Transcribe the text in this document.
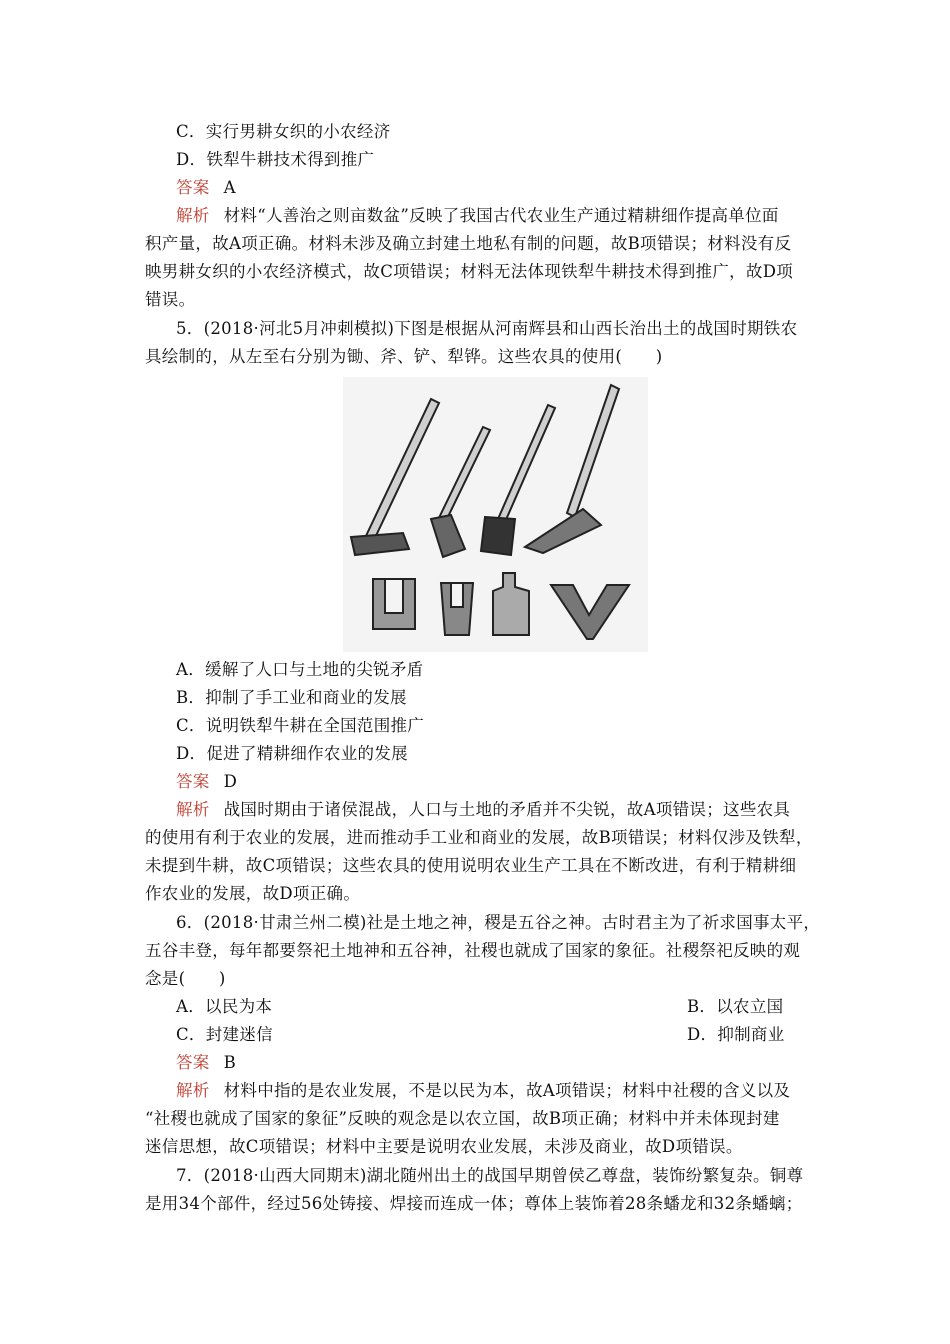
C．实行男耕女织的小农经济
D．铁犁牛耕技术得到推广
答案 A
解析 材料“人善治之则亩数盆”反映了我国古代农业生产通过精耕细作提高单位面
积产量，故A项正确。材料未涉及确立封建土地私有制的问题，故B项错误；材料没有反
映男耕女织的小农经济模式，故C项错误；材料无法体现铁犁牛耕技术得到推广，故D项
错误。
5．(2018·河北5月冲刺模拟)下图是根据从河南辉县和山西长治出土的战国时期铁农
具绘制的，从左至右分别为锄、斧、铲、犁铧。这些农具的使用(　　)
A．缓解了人口与土地的尖锐矛盾
B．抑制了手工业和商业的发展
C．说明铁犁牛耕在全国范围推广
D．促进了精耕细作农业的发展
答案 D
解析 战国时期由于诸侯混战，人口与土地的矛盾并不尖锐，故A项错误；这些农具
的使用有利于农业的发展，进而推动手工业和商业的发展，故B项错误；材料仅涉及铁犁，
未提到牛耕，故C项错误；这些农具的使用说明农业生产工具在不断改进，有利于精耕细
作农业的发展，故D项正确。
6．(2018·甘肃兰州二模)社是土地之神，稷是五谷之神。古时君主为了祈求国事太平，
五谷丰登，每年都要祭祀土地神和五谷神，社稷也就成了国家的象征。社稷祭祀反映的观
念是(　　)
A．以民为本	B．以农立国
C．封建迷信	D．抑制商业
答案 B
解析 材料中指的是农业发展，不是以民为本，故A项错误；材料中社稷的含义以及
“社稷也就成了国家的象征”反映的观念是以农立国，故B项正确；材料中并未体现封建
迷信思想，故C项错误；材料中主要是说明农业发展，未涉及商业，故D项错误。
7．(2018·山西大同期末)湖北随州出土的战国早期曾侯乙尊盘，装饰纷繁复杂。铜尊
是用34个部件，经过56处铸接、焊接而连成一体；尊体上装饰着28条蟠龙和32条蟠螭；
